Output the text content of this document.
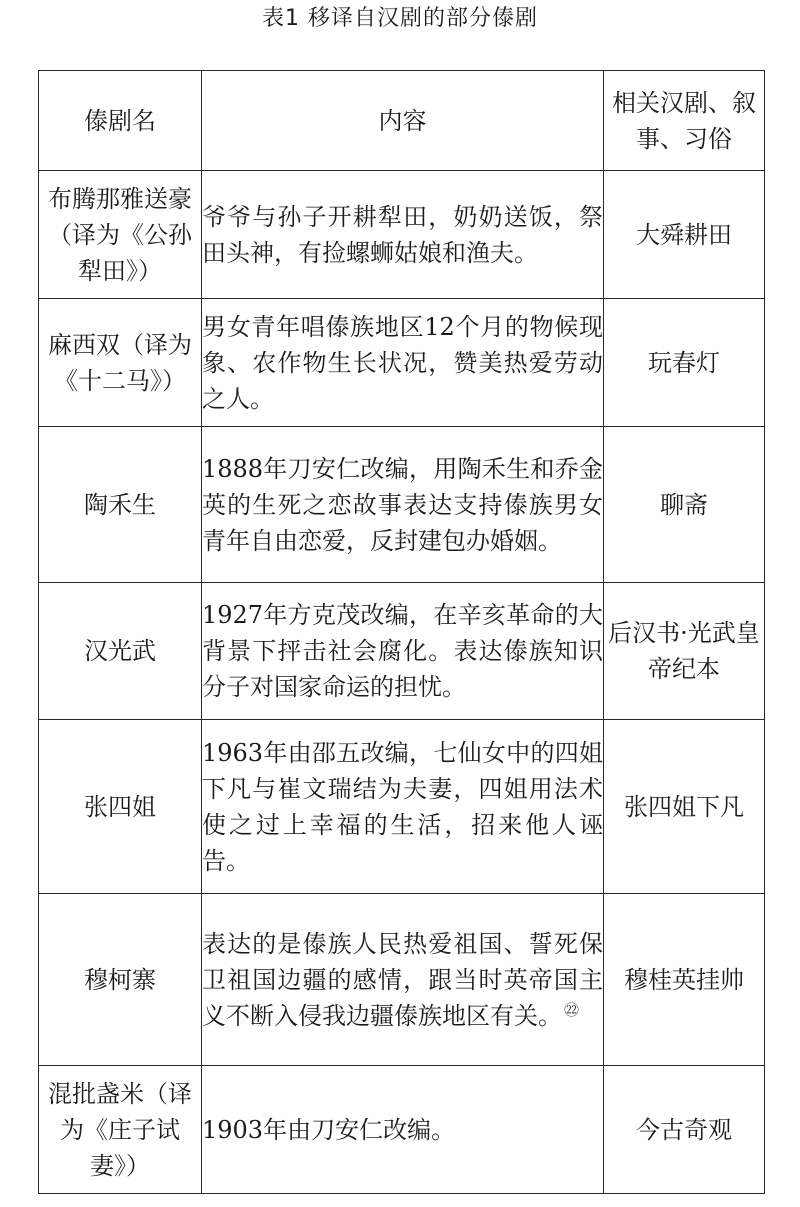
表1 移译自汉剧的部分傣剧
傣剧名	内容	相关汉剧、叙事、习俗
布腾那雅送豪（译为《公孙犁田》）	爷爷与孙子开耕犁田，奶奶送饭，祭田头神，有捡螺蛳姑娘和渔夫。	大舜耕田
麻西双（译为《十二马》）	男女青年唱傣族地区12个月的物候现象、农作物生长状况，赞美热爱劳动之人。	玩春灯
陶禾生	1888年刀安仁改编，用陶禾生和乔金英的生死之恋故事表达支持傣族男女青年自由恋爱，反封建包办婚姻。	聊斋
汉光武	1927年方克茂改编，在辛亥革命的大背景下抨击社会腐化。表达傣族知识分子对国家命运的担忧。	后汉书·光武皇帝纪本
张四姐	1963年由邵五改编，七仙女中的四姐下凡与崔文瑞结为夫妻，四姐用法术使之过上幸福的生活，招来他人诬告。	张四姐下凡
穆柯寨	表达的是傣族人民热爱祖国、誓死保卫祖国边疆的感情，跟当时英帝国主义不断入侵我边疆傣族地区有关。 $^㉒$	穆桂英挂帅
混批盏米（译为《庄子试妻》）	1903年由刀安仁改编。	今古奇观
